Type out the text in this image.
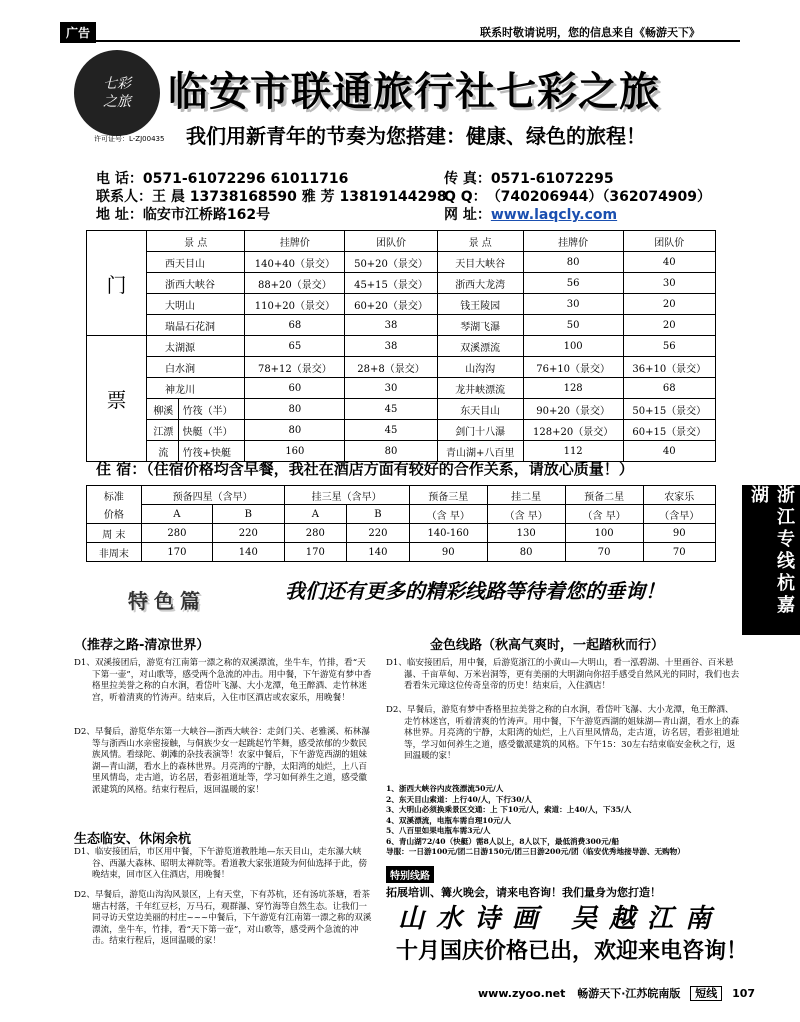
广告	联系时敬请说明，您的信息来自《畅游天下》
七彩
之旅
许可证号：L-ZJ00435
临安市联通旅行社七彩之旅
我们用新青年的节奏为您搭建：健康、绿色的旅程！
电 话：0571-61072296 61011716	传 真：0571-61072295
联系人：王 晨 13738168590 雅 芳 13819144298
Q Q：（740206944）（362074909）
地 址：临安市江桥路162号	网 址：www.laqcly.com
门	景 点		挂牌价	团队价	景 点	挂牌价	团队价
	西天目山		140+40（景交）	50+20（景交）	天目大峡谷	80	40
	浙西大峡谷		88+20（景交）	45+15（景交）	浙西大龙湾	56	30
	大明山		110+20（景交）	60+20（景交）	钱王陵园	30	20
	瑞晶石花洞		68	38	琴湖飞瀑	50	20
票	太湖源		65	38	双溪漂流	100	56
	白水涧		78+12（景交）	28+8（景交）	山沟沟	76+10（景交）	36+10（景交）
	神龙川		60	30	龙井峡漂流	128	68
	柳溪	竹筏（半）	80	45	东天目山	90+20（景交）	50+15（景交）
	江漂	快艇（半）	80	45	剑门十八瀑	128+20（景交）	60+15（景交）
	流	竹筏+快艇	160	80	青山湖+八百里	112	40
住 宿：（住宿价格均含早餐，我社在酒店方面有较好的合作关系，请放心质量！）
标准	预备四星（含早）		挂三星（含早）		预备三星	挂二星	预备二星	农家乐
价格	A	B	A	B	（含 早）	（含 早）	（含 早）	（含早）
周 末	280	220	280	220	140-160	130	100	90
非周末	170	140	170	140	90	80	70	70	浙江专线杭嘉湖
特色篇	我们还有更多的精彩线路等待着您的垂询！
（推荐之路-清凉世界）
D1、双溪接团后，游览有江南第一漂之称的双溪漂流，坐牛车，竹排，看“天下第一壶”，对山歌等，感受两个急流的冲击。用中餐，下午游览有梦中香格里拉美誉之称的白水涧，看岱叶飞瀑、大小龙潭，龟王醉酒、走竹林迷宫，听着清爽的竹涛声。结束后，入住市区酒店或农家乐，用晚餐！
D2、早餐后，游览华东第一大峡谷—浙西大峡谷：走剑门关、老雅溪、柘林瀑等与浙西山水亲密接触，与侗族少女一起跳起竹竿舞，感受浓郁的少数民族风情。看绿陀、剃滩的杂技表演等！农家中餐后，下午游览西湖的姐妹湖—青山湖，看水上的森林世界。月亮湾的宁静，太阳湾的灿烂，上八百里风情岛，走古道，访名居，看彭祖道址等，学习如何养生之道，感受徽派建筑的风格。结束行程后，返回温暖的家！
生态临安、休闲余杭
D1、临安接团后，市区用中餐，下午游览道教胜地—东天目山，走东瀑大峡谷、西瀑大森林、昭明太禅院等。看道教大家张道陵为何仙选择于此，傍晚结束，回市区入住酒店，用晚餐！
D2、早餐后，游览山沟沟风景区，上有天堂，下有苏杭，还有汤坑茶塘，看茶塘古村落，千年红豆杉，万马石，观群瀑、穿竹海等自然生态。让我们一同寻访天堂边美丽的村庄~~~中餐后，下午游览有江南第一漂之称的双溪漂流，坐牛车，竹排，看“天下第一壶”，对山歌等，感受两个急流的冲击。结束行程后，返回温暖的家！
金色线路（秋高气爽时，一起踏秋而行）
D1、临安接团后，用中餐，后游览浙江的小黄山—大明山，看一泓碧湖、十里画谷、百米悬瀑、千亩草甸、万米岩洞等，更有美丽的大明湖向你招手感受自然风光的同时，我们也去看看朱元璋这位传奇皇帝的历史！结束后，入住酒店！
D2、早餐后，游览有梦中香格里拉美誉之称的白水涧，看岱叶飞瀑、大小龙潭，龟王醉酒、走竹林迷宫，听着清爽的竹涛声。用中餐，下午游览西湖的姐妹湖—青山湖，看水上的森林世界。月亮湾的宁静，太阳湾的灿烂，上八百里风情岛，走古道，访名居，看彭祖道址等，学习如何养生之道，感受徽派建筑的风格。下午15：30左右结束临安金秋之行，返回温暖的家！
1、浙西大峡谷内皮筏漂流50元/人
2、东天目山索道：上行40/人，下行30/人
3、大明山必须换乘景区交通：上 下10元/人，索道：上40/人，下35/人
4、双溪漂流，电瓶车需自理10元/人
5、八百里如果电瓶车需3元/人
6、青山湖72/40（快艇）需8人以上，8人以下，最低消费300元/船
导服：一日游100元/团二日游150元/团三日游200元/团（临安优秀地接导游、无购物）
特别线路
拓展培训、篝火晚会，请来电咨询！我们量身为您打造！
山水诗画 吴越江南
十月国庆价格已出，欢迎来电咨询！
www.zyoo.net 畅游天下·江苏皖南版 短线 107
